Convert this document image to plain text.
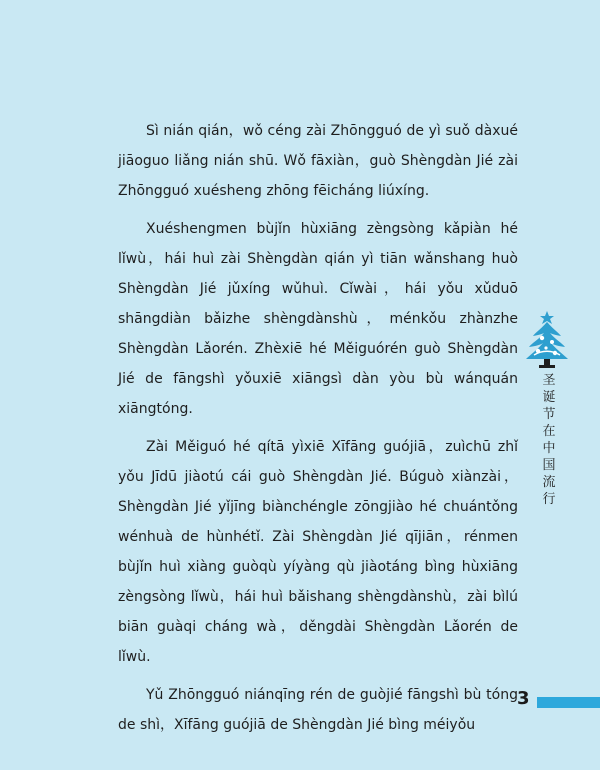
Sì nián qián，wǒ céng zài Zhōngguó de yì suǒ dàxué jiāoguo liǎng nián shū. Wǒ fāxiàn，guò Shèngdàn Jié zài Zhōngguó xuésheng zhōng fēicháng liúxíng.

Xuéshengmen bùjǐn hùxiāng zèngsòng kǎpiàn hé lǐwù，hái huì zài Shèngdàn qián yì tiān wǎnshang huò Shèngdàn Jié jǔxíng wǔhuì. Cǐwài，hái yǒu xǔduō shāngdiàn bǎizhe shèngdànshù，ménkǒu zhànzhe Shèngdàn Lǎorén. Zhèxiē hé Měiguórén guò Shèngdàn Jié de fāngshì yǒuxiē xiāngsì dàn yòu bù wánquán xiāngtóng.

Zài Měiguó hé qítā yìxiē Xīfāng guójiā，zuìchū zhǐ yǒu Jīdū jiàotú cái guò Shèngdàn Jié. Búguò xiànzài，Shèngdàn Jié yǐjīng biànchéngle zōngjiào hé chuántǒng wénhuà de hùnhétǐ. Zài Shèngdàn Jié qījiān，rénmen bùjǐn huì xiàng guòqù yíyàng qù jiàotáng bìng hùxiāng zèngsòng lǐwù，hái huì bǎishang shèngdànshù，zài bìlú biān guàqi cháng wà，děngdài Shèngdàn Lǎorén de lǐwù.

Yǔ Zhōngguó niánqīng rén de guòjié fāngshì bù tóng de shì，Xīfāng guójiā de Shèngdàn Jié bìng méiyǒu

圣诞节在中国流行
3
